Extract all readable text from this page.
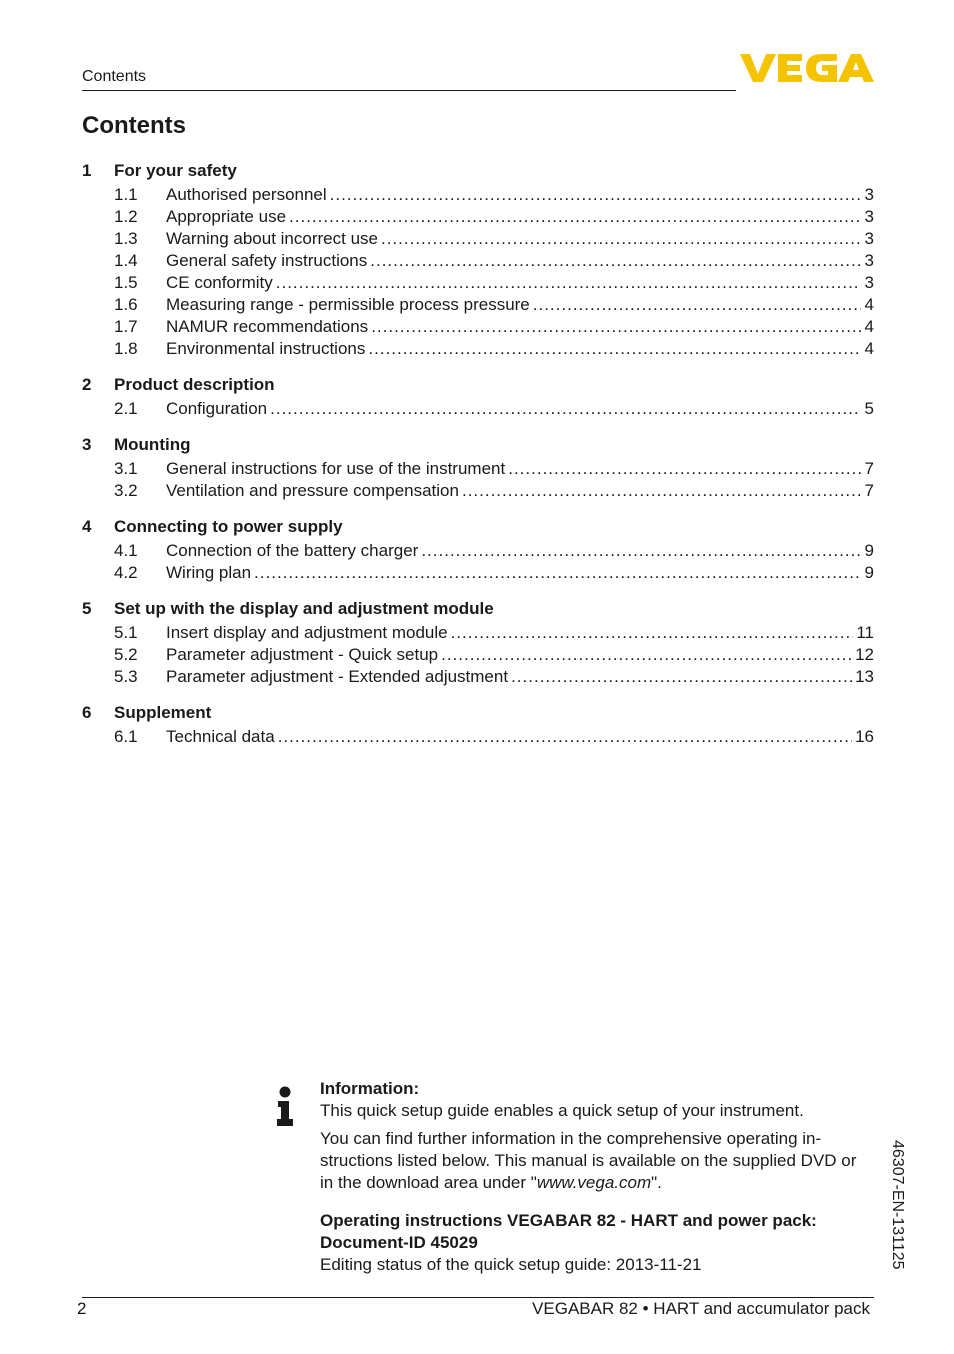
Contents
Contents
1	For your safety
1.1	Authorised personnel .....	3
1.2	Appropriate use .....	3
1.3	Warning about incorrect use .....	3
1.4	General safety instructions .....	3
1.5	CE conformity .....	3
1.6	Measuring range - permissible process pressure .....	4
1.7	NAMUR recommendations .....	4
1.8	Environmental instructions .....	4
2	Product description
2.1	Configuration .....	5
3	Mounting
3.1	General instructions for use of the instrument .....	7
3.2	Ventilation and pressure compensation .....	7
4	Connecting to power supply
4.1	Connection of the battery charger .....	9
4.2	Wiring plan .....	9
5	Set up with the display and adjustment module
5.1	Insert display and adjustment module .....	11
5.2	Parameter adjustment - Quick setup .....	12
5.3	Parameter adjustment - Extended adjustment .....	13
6	Supplement
6.1	Technical data .....	16

Information:

This quick setup guide enables a quick setup of your instrument.

You can find further information in the comprehensive operating in-structions listed below. This manual is available on the supplied DVD or in the download area under "www.vega.com".

Operating instructions VEGABAR 82 - HART and power pack:

Document-ID 45029

Editing status of the quick setup guide: 2013-11-21	46307-EN-131125
2	VEGABAR 82 • HART and accumulator pack
